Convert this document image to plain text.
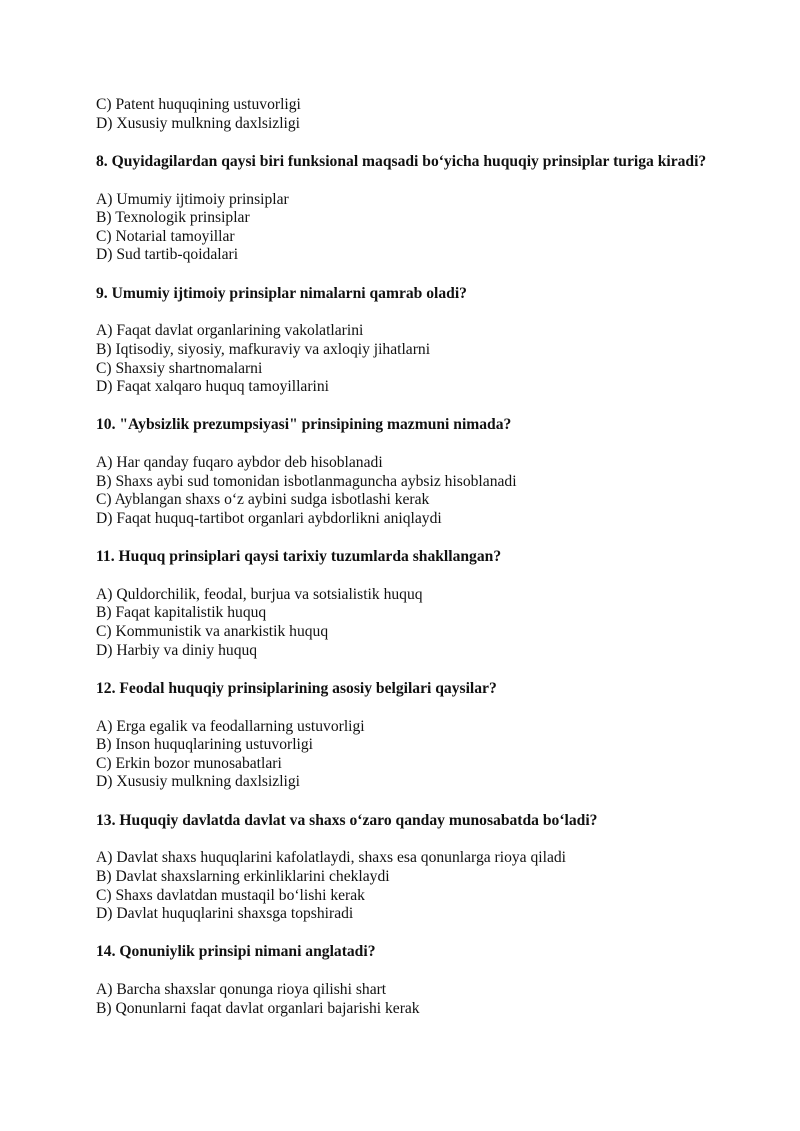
C) Patent huquqining ustuvorligi
D) Xususiy mulkning daxlsizligi

8. Quyidagilardan qaysi biri funksional maqsadi bo‘yicha huquqiy prinsiplar turiga kiradi?

A) Umumiy ijtimoiy prinsiplar
B) Texnologik prinsiplar
C) Notarial tamoyillar
D) Sud tartib-qoidalari

9. Umumiy ijtimoiy prinsiplar nimalarni qamrab oladi?

A) Faqat davlat organlarining vakolatlarini
B) Iqtisodiy, siyosiy, mafkuraviy va axloqiy jihatlarni
C) Shaxsiy shartnomalarni
D) Faqat xalqaro huquq tamoyillarini

10. "Aybsizlik prezumpsiyasi" prinsipining mazmuni nimada?

A) Har qanday fuqaro aybdor deb hisoblanadi
B) Shaxs aybi sud tomonidan isbotlanmaguncha aybsiz hisoblanadi
C) Ayblangan shaxs o‘z aybini sudga isbotlashi kerak
D) Faqat huquq-tartibot organlari aybdorlikni aniqlaydi

11. Huquq prinsiplari qaysi tarixiy tuzumlarda shakllangan?

A) Quldorchilik, feodal, burjua va sotsialistik huquq
B) Faqat kapitalistik huquq
C) Kommunistik va anarkistik huquq
D) Harbiy va diniy huquq

12. Feodal huquqiy prinsiplarining asosiy belgilari qaysilar?

A) Erga egalik va feodallarning ustuvorligi
B) Inson huquqlarining ustuvorligi
C) Erkin bozor munosabatlari
D) Xususiy mulkning daxlsizligi

13. Huquqiy davlatda davlat va shaxs o‘zaro qanday munosabatda bo‘ladi?

A) Davlat shaxs huquqlarini kafolatlaydi, shaxs esa qonunlarga rioya qiladi
B) Davlat shaxslarning erkinliklarini cheklaydi
C) Shaxs davlatdan mustaqil bo‘lishi kerak
D) Davlat huquqlarini shaxsga topshiradi

14. Qonuniylik prinsipi nimani anglatadi?

A) Barcha shaxslar qonunga rioya qilishi shart
B) Qonunlarni faqat davlat organlari bajarishi kerak
